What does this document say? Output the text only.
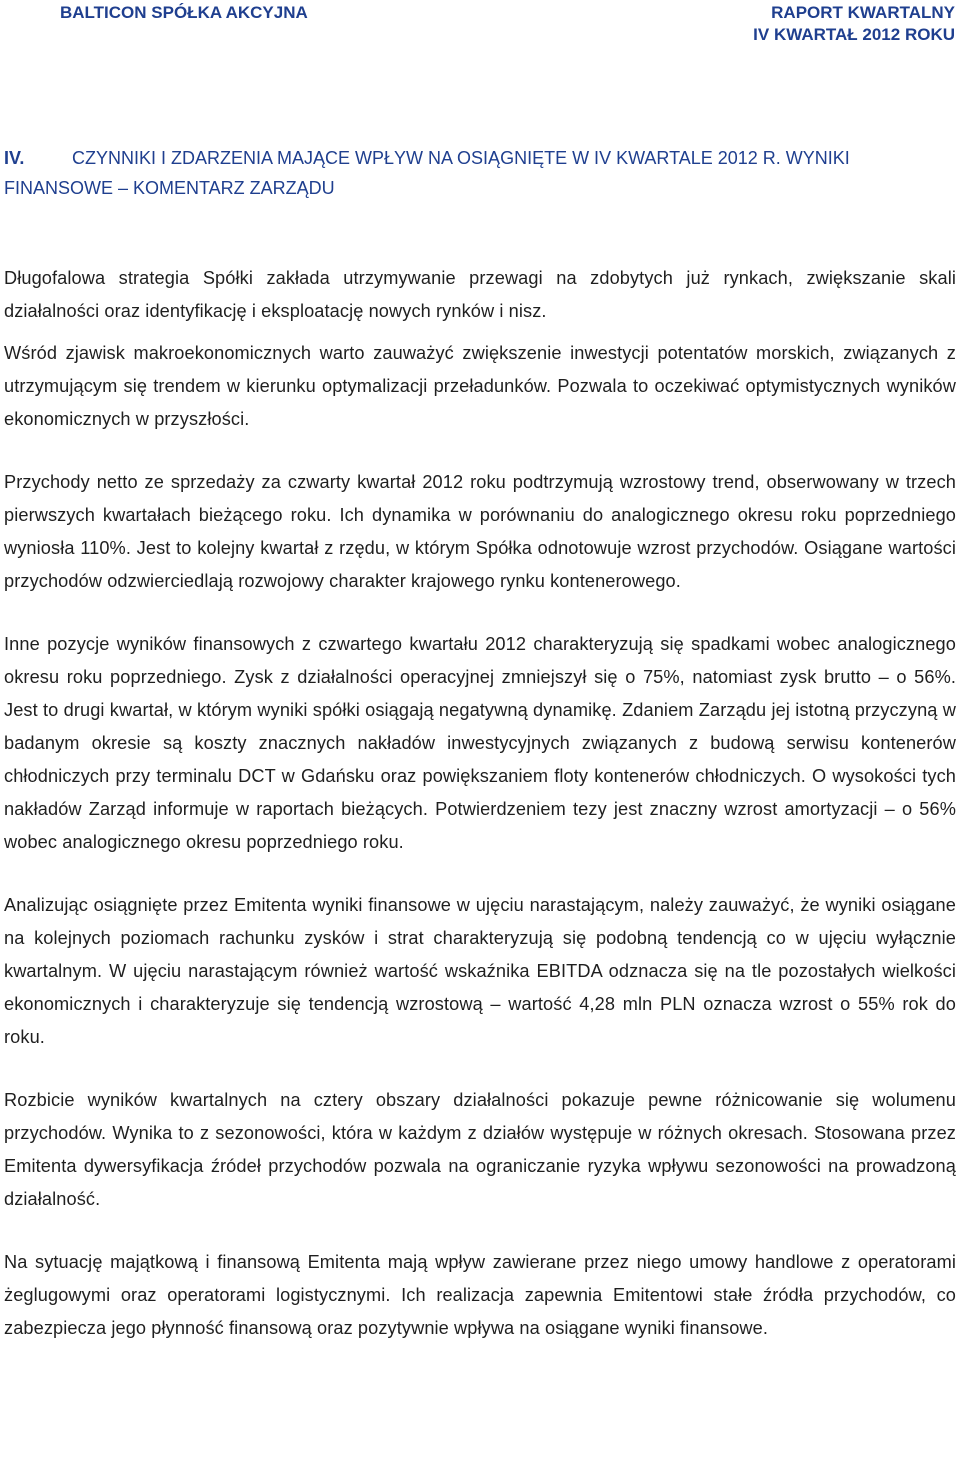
BALTICON SPÓŁKA AKCYJNA	RAPORT KWARTALNY
IV KWARTAŁ 2012 ROKU
IV.	CZYNNIKI I ZDARZENIA MAJĄCE WPŁYW NA OSIĄGNIĘTE W IV KWARTALE 2012 R. WYNIKI FINANSOWE – KOMENTARZ ZARZĄDU

Długofalowa strategia Spółki zakłada utrzymywanie przewagi na zdobytych już rynkach, zwiększanie skali działalności oraz identyfikację i eksploatację nowych rynków i nisz.

Wśród zjawisk makroekonomicznych warto zauważyć zwiększenie inwestycji potentatów morskich, związanych z utrzymującym się trendem w kierunku optymalizacji przeładunków. Pozwala to oczekiwać optymistycznych wyników ekonomicznych w przyszłości.

Przychody netto ze sprzedaży za czwarty kwartał 2012 roku podtrzymują wzrostowy trend, obserwowany w trzech pierwszych kwartałach bieżącego roku. Ich dynamika w porównaniu do analogicznego okresu roku poprzedniego wyniosła 110%. Jest to kolejny kwartał z rzędu, w którym Spółka odnotowuje wzrost przychodów. Osiągane wartości przychodów odzwierciedlają rozwojowy charakter krajowego rynku kontenerowego.

Inne pozycje wyników finansowych z czwartego kwartału 2012 charakteryzują się spadkami wobec analogicznego okresu roku poprzedniego. Zysk z działalności operacyjnej zmniejszył się o 75%, natomiast zysk brutto – o 56%. Jest to drugi kwartał, w którym wyniki spółki osiągają negatywną dynamikę. Zdaniem Zarządu jej istotną przyczyną w badanym okresie są koszty znacznych nakładów inwestycyjnych związanych z budową serwisu kontenerów chłodniczych przy terminalu DCT w Gdańsku oraz powiększaniem floty kontenerów chłodniczych. O wysokości tych nakładów Zarząd informuje w raportach bieżących. Potwierdzeniem tezy jest znaczny wzrost amortyzacji – o 56% wobec analogicznego okresu poprzedniego roku.

Analizując osiągnięte przez Emitenta wyniki finansowe w ujęciu narastającym, należy zauważyć, że wyniki osiągane na kolejnych poziomach rachunku zysków i strat charakteryzują się podobną tendencją co w ujęciu wyłącznie kwartalnym. W ujęciu narastającym również wartość wskaźnika EBITDA odznacza się na tle pozostałych wielkości ekonomicznych i charakteryzuje się tendencją wzrostową – wartość 4,28 mln PLN oznacza wzrost o 55% rok do roku.

Rozbicie wyników kwartalnych na cztery obszary działalności pokazuje pewne różnicowanie się wolumenu przychodów. Wynika to z sezonowości, która w każdym z działów występuje w różnych okresach. Stosowana przez Emitenta dywersyfikacja źródeł przychodów pozwala na ograniczanie ryzyka wpływu sezonowości na prowadzoną działalność.

Na sytuację majątkową i finansową Emitenta mają wpływ zawierane przez niego umowy handlowe z operatorami żeglugowymi oraz operatorami logistycznymi. Ich realizacja zapewnia Emitentowi stałe źródła przychodów, co zabezpiecza jego płynność finansową oraz pozytywnie wpływa na osiągane wyniki finansowe.
